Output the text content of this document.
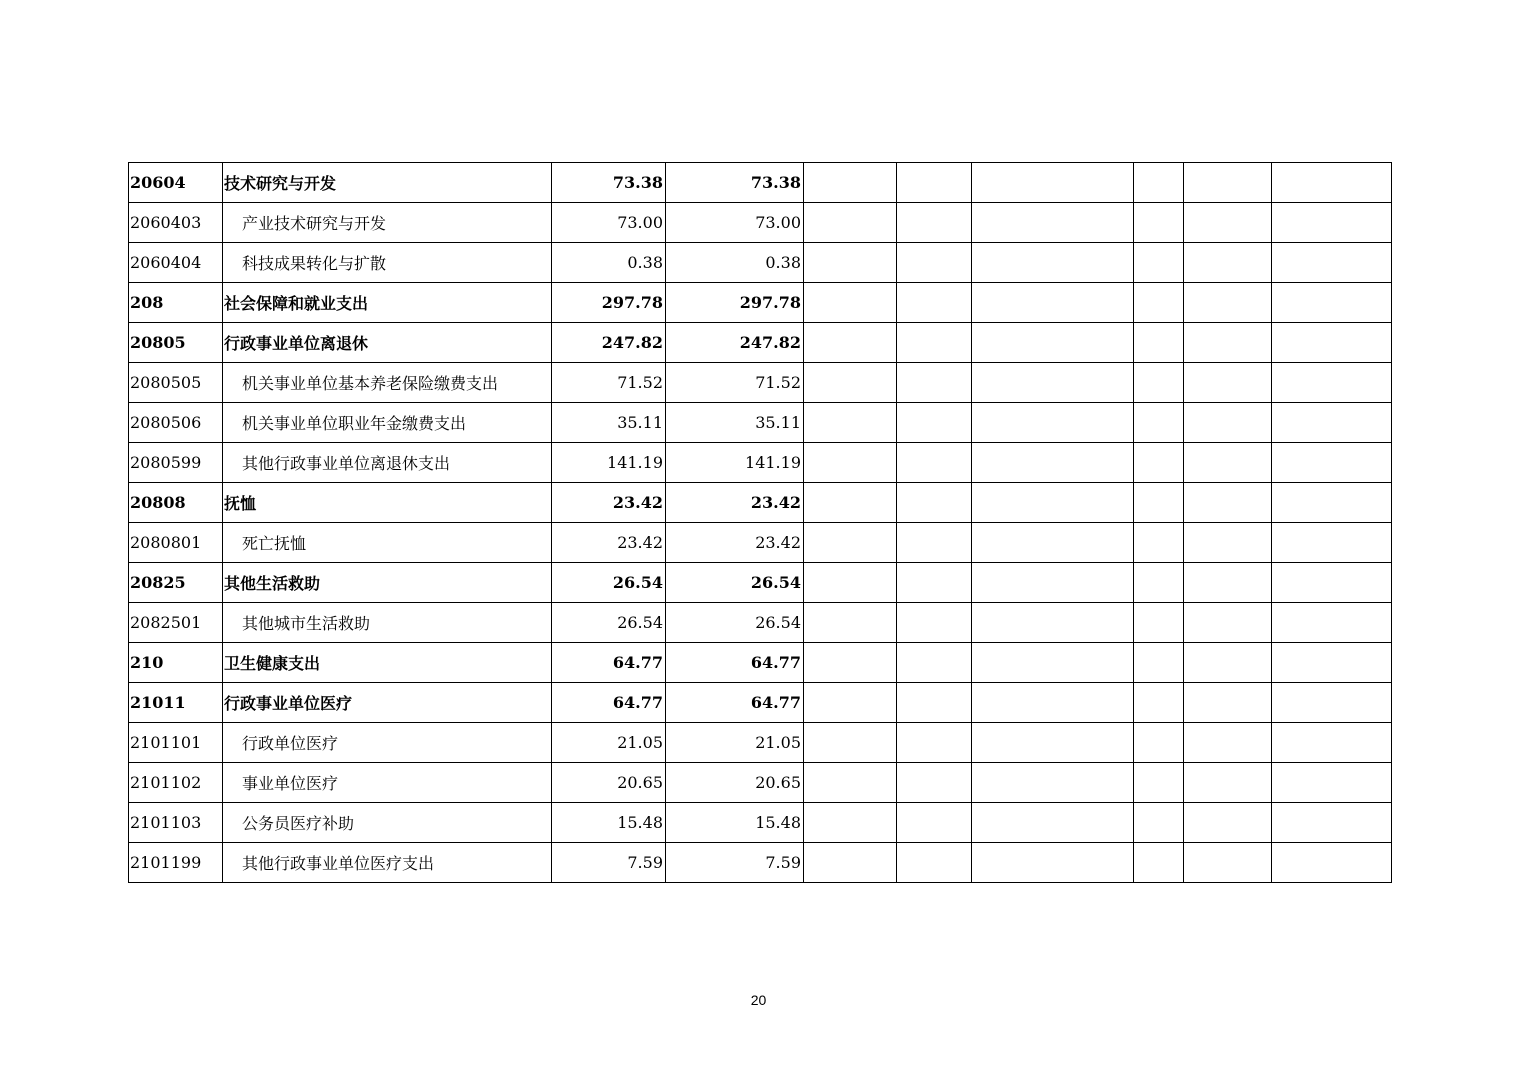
20604	技术研究与开发	73.38	73.38						
2060403	产业技术研究与开发	73.00	73.00						
2060404	科技成果转化与扩散	0.38	0.38						
208	社会保障和就业支出	297.78	297.78						
20805	行政事业单位离退休	247.82	247.82						
2080505	机关事业单位基本养老保险缴费支出	71.52	71.52						
2080506	机关事业单位职业年金缴费支出	35.11	35.11						
2080599	其他行政事业单位离退休支出	141.19	141.19						
20808	抚恤	23.42	23.42						
2080801	死亡抚恤	23.42	23.42						
20825	其他生活救助	26.54	26.54						
2082501	其他城市生活救助	26.54	26.54						
210	卫生健康支出	64.77	64.77						
21011	行政事业单位医疗	64.77	64.77						
2101101	行政单位医疗	21.05	21.05						
2101102	事业单位医疗	20.65	20.65						
2101103	公务员医疗补助	15.48	15.48						
2101199	其他行政事业单位医疗支出	7.59	7.59						
20
